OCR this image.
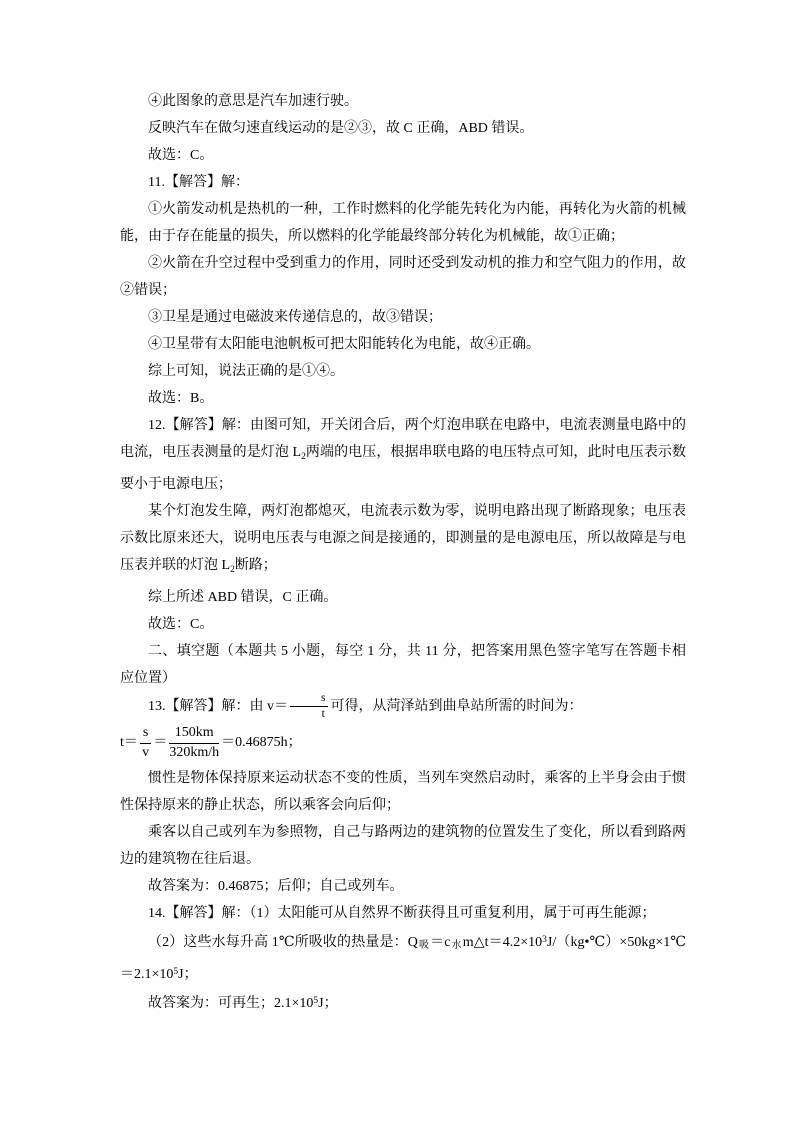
④此图象的意思是汽车加速行驶。

反映汽车在做匀速直线运动的是②③，故 C 正确，ABD 错误。

故选：C。

11.【解答】解：

①火箭发动机是热机的一种，工作时燃料的化学能先转化为内能，再转化为火箭的机械能，由于存在能量的损失，所以燃料的化学能最终部分转化为机械能，故①正确；

②火箭在升空过程中受到重力的作用，同时还受到发动机的推力和空气阻力的作用，故②错误；

③卫星是通过电磁波来传递信息的，故③错误；

④卫星带有太阳能电池帆板可把太阳能转化为电能，故④正确。

综上可知，说法正确的是①④。

故选：B。

12.【解答】解：由图可知，开关闭合后，两个灯泡串联在电路中，电流表测量电路中的电流，电压表测量的是灯泡 $L_2$两端的电压，根据串联电路的电压特点可知，此时电压表示数要小于电源电压；

某个灯泡发生障，两灯泡都熄灭，电流表示数为零，说明电路出现了断路现象；电压表示数比原来还大，说明电压表与电源之间是接通的，即测量的是电源电压，所以故障是与电压表并联的灯泡 $L_2$断路；

综上所述 ABD 错误，C 正确。

故选：C。

二、填空题（本题共 5 小题，每空 1 分，共 11 分，把答案用黑色签字笔写在答题卡相应位置）

13.【解答】解：由 $v= \frac{s}{t}$ 可得，从菏泽站到曲阜站所需的时间为：

$t= \frac{s}{v} = \frac{150km}{320km/h} =0.46875h$；

惯性是物体保持原来运动状态不变的性质，当列车突然启动时，乘客的上半身会由于惯性保持原来的静止状态，所以乘客会向后仰；

乘客以自己或列车为参照物，自己与路两边的建筑物的位置发生了变化，所以看到路两边的建筑物在往后退。

故答案为：0.46875；后仰；自己或列车。

14.【解答】解：（1）太阳能可从自然界不断获得且可重复利用，属于可再生能源；

（2）这些水每升高 1℃所吸收的热量是：$Q_吸=c_水m\triangle t=4.2\times 10^3J/(kg•℃)\times 50kg\times 1℃=2.1\times 10^5J$；

故答案为：可再生；$2.1\times 10^5J$；
